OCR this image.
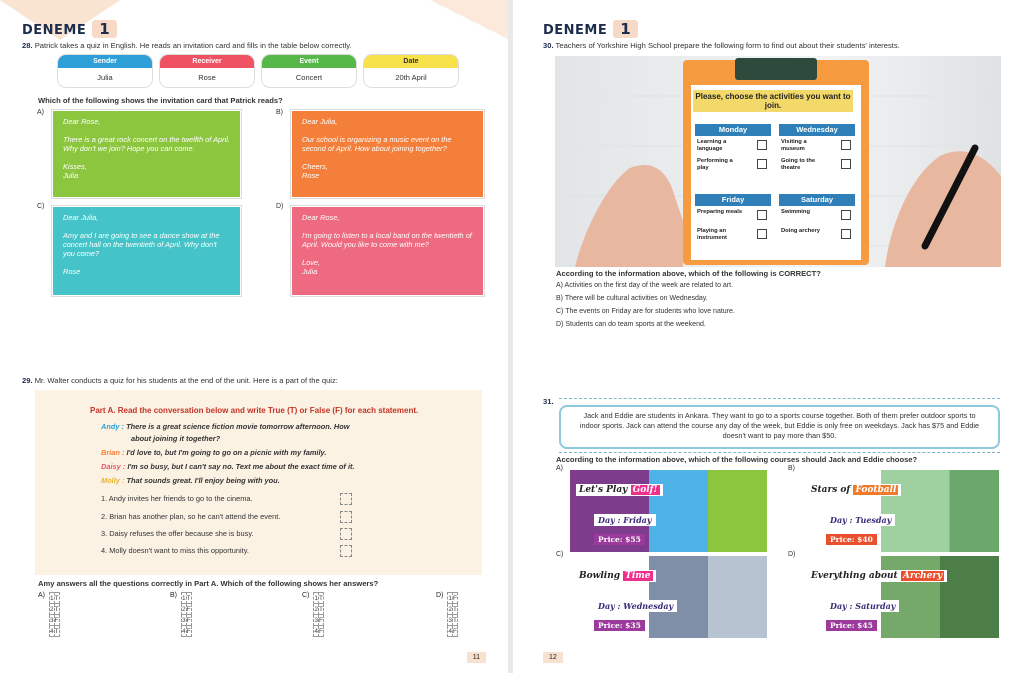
DENEME 1
28. Patrick takes a quiz in English. He reads an invitation card and fills in the table below correctly.
Sender
Julia
Receiver
Rose
Event
Concert
Date
20th April
Which of the following shows the invitation card that Patrick reads?
A)

Dear Rose,

There is a great rock concert on the twelfth of April. Why don't we join? Hope you can come.

Kisses,
Julia
B)

Dear Julia,

Our school is organizing a music event on the second of April. How about joining together?

Cheers,
Rose
C)

Dear Julia,

Amy and I are going to see a dance show at the concert hall on the twentieth of April. Why don't you come?

Rose
D)

Dear Rose,

I'm going to listen to a local band on the twentieth of April. Would you like to come with me?

Love,
Julia
29. Mr. Walter conducts a quiz for his students at the end of the unit. Here is a part of the quiz:
Part A. Read the conversation below and write True (T) or False (F) for each statement.
Andy : There is a great science fiction movie tomorrow afternoon. How
about joining it together?
Brian : I'd love to, but I'm going to go on a picnic with my family.
Daisy : I'm so busy, but I can't say no. Text me about the exact time of it.
Molly : That sounds great. I'll enjoy being with you.
1. Andy invites her friends to go to the cinema.
2. Brian has another plan, so he can't attend the event.
3. Daisy refuses the offer because she is busy.
4. Molly doesn't want to miss this opportunity.
Amy answers all the questions correctly in Part A. Which of the following shows her answers?
A) 1	T
2	T
3	F
4	T
B) 1	T
2	F
3	F
4	F
C) 1	T
2	T
3	F
4	F
D) 1	F
2	T
3	T
4	F
11
DENEME 1
30. Teachers of Yorkshire High School prepare the following form to find out about their students' interests.
Please, choose the activities you want to join.
Monday
Learning a language
Performing a play
Wednesday
Visiting a museum
Going to the theatre
Friday
Preparing meals
Playing an instrument
Saturday
Swimming
Doing archery
According to the information above, which of the following is CORRECT?
A) Activities on the first day of the week are related to art.
B) There will be cultural activities on Wednesday.
C) The events on Friday are for students who love nature.
D) Students can do team sports at the weekend.
31.
Jack and Eddie are students in Ankara. They want to go to a sports course together. Both of them prefer outdoor sports to indoor sports. Jack can attend the course any day of the week, but Eddie is only free on weekdays. Jack has $75 and Eddie doesn't want to pay more than $50.
According to the information above, which of the following courses should Jack and Eddie choose?
A)
Let's Play Golf!
Day : Friday
Price: $55
B)
Stars of Football
Day : Tuesday
Price: $40
C)
Bowling Time
Day : Wednesday
Price: $35
D)
Everything about Archery
Day : Saturday
Price: $45
12
